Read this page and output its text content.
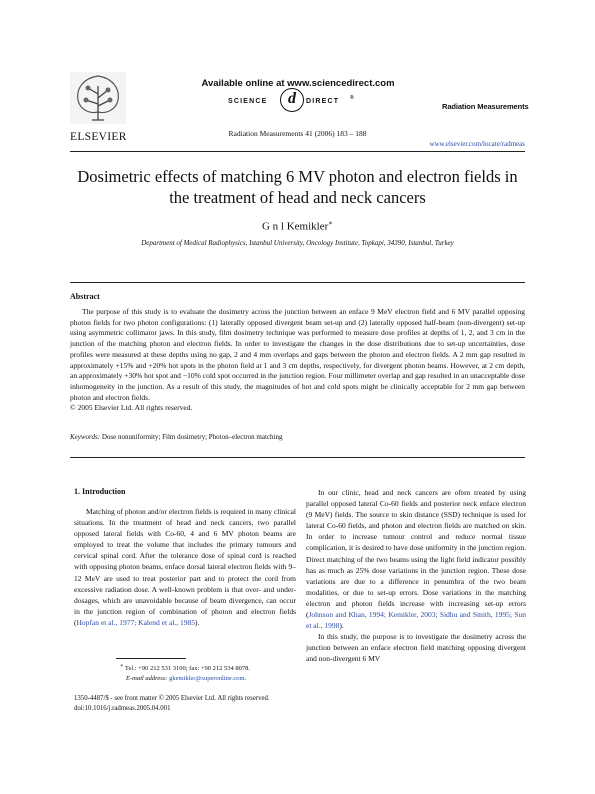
ELSEVIER
Available online at www.sciencedirect.com
SCIENCE	d	DIRECT ®
Radiation Measurements
Radiation Measurements 41 (2006) 183 – 188
www.elsevier.com/locate/radmeas
Dosimetric effects of matching 6 MV photon and electron fields in
the treatment of head and neck cancers
G n l Kemikler∗
Department of Medical Radiophysics, Istanbul University, Oncology Institute, Topkapi, 34390, Istanbul, Turkey
Abstract

The purpose of this study is to evaluate the dosimetry across the junction between an enface 9 MeV electron field and 6 MV parallel opposing photon fields for two photon configurations: (1) laterally opposed divergent beam set-up and (2) laterally opposed half-beam (non-divergent) set-up using asymmetric collimator jaws. In this study, film dosimetry technique was performed to measure dose profiles at depths of 1, 2, and 3 cm in the junction of the matching photon and electron fields. In order to investigate the changes in the dose distributions due to set-up uncertainties, dose profiles were measured at these depths using no gap, 2 and 4 mm overlaps and gaps between the photon and electron fields. A 2 mm gap resulted in approximately +15% and +20% hot spots in the photon field at 1 and 3 cm depths, respectively, for divergent photon beams. However, at 2 cm depth, an approximately +30% hot spot and −10% cold spot occurred in the junction region. Four millimeter overlap and gap resulted in an unacceptable dose inhomogeneity in the junction. As a result of this study, the magnitudes of hot and cold spots might be clinically acceptable for 2 mm gap between photon and electron fields.

© 2005 Elsevier Ltd. All rights reserved.

Keywords: Dose nonuniformity; Film dosimetry; Photon–electron matching
1. Introduction

Matching of photon and/or electron fields is required in many clinical situations. In the treatment of head and neck cancers, two parallel opposed lateral fields with Co-60, 4 and 6 MV photon beams are employed to treat the volume that includes the primary tumours and cervical spinal cord. After the tolerance dose of spinal cord is reached with opposing photon beams, enface dorsal lateral electron fields with 9–12 MeV are used to treat posterior part and to protect the cord from excessive radiation dose. A well-known problem is that over- and under-dosages, which are unavoidable because of beam divergence, can occur in the junction region of combination of photon and electron fields (Hopfan et al., 1977; Kalend et al., 1985).

∗ Tel.: +90 212 531 3100; fax: +90 212 534 8078.
E-mail address: gkemikler@superonline.com.
1350-4487/$ - see front matter © 2005 Elsevier Ltd. All rights reserved.
doi:10.1016/j.radmeas.2005.04.001

In our clinic, head and neck cancers are often treated by using parallel opposed lateral Co-60 fields and posterior neck enface electron (9 MeV) fields. The source to skin distance (SSD) technique is used for lateral Co-60 fields, and photon and electron fields are matched on skin. In order to increase tumour control and reduce normal tissue complication, it is desired to have dose uniformity in the junction region. Direct matching of the two beams using the light field indicator possibly has as much as 25% dose variations in the junction region. These dose variations are due to a difference in penumbra of the two beam modalities, or due to set-up errors. Dose variations in the matching electron and photon fields increase with increasing set-up errors (Johnson and Khan, 1994; Kemikler, 2003; Sidhu and Smith, 1995; Sun et al., 1998).

In this study, the purpose is to investigate the dosimetry across the junction between an enface electron field matching opposing divergent and non-divergent 6 MV
